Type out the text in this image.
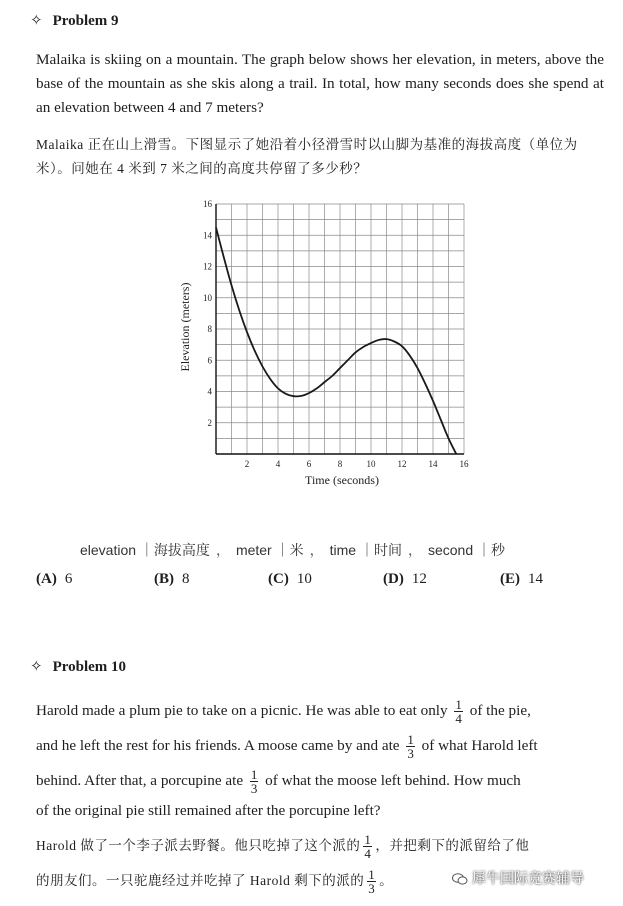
✧ Problem 9
Malaika is skiing on a mountain. The graph below shows her elevation, in meters, above the base of the mountain as she skis along a trail. In total, how many seconds does she spend at an elevation between 4 and 7 meters?
Malaika 正在山上滑雪。下图显示了她沿着小径滑雪时以山脚为基准的海拔高度（单位为米）。问她在 4 米到 7 米之间的高度共停留了多少秒？
2	4	6	8	10 12 14 16
2
4
6
8
10
12
14
16
Time (seconds)
Elevation (meters)
elevation ｜海拔高度 ， meter ｜米 ， time ｜时间 ， second ｜秒
(A) 6	(B) 8	(C) 10	(D) 12	(E) 14
✧ Problem 10
Harold made a plum pie to take on a picnic. He was able to eat only $\frac{1}{4}$ of the pie,
and he left the rest for his friends. A moose came by and ate $\frac{1}{3}$ of what Harold left
behind. After that, a porcupine ate $\frac{1}{3}$ of what the moose left behind. How much
of the original pie still remained after the porcupine left?
Harold 做了一个李子派去野餐。他只吃掉了这个派的 $\frac{1}{4}$ ，并把剩下的派留给了他
的朋友们。一只驼鹿经过并吃掉了 Harold 剩下的派的 $\frac{1}{3}$ 。	犀牛国际竞赛辅导
